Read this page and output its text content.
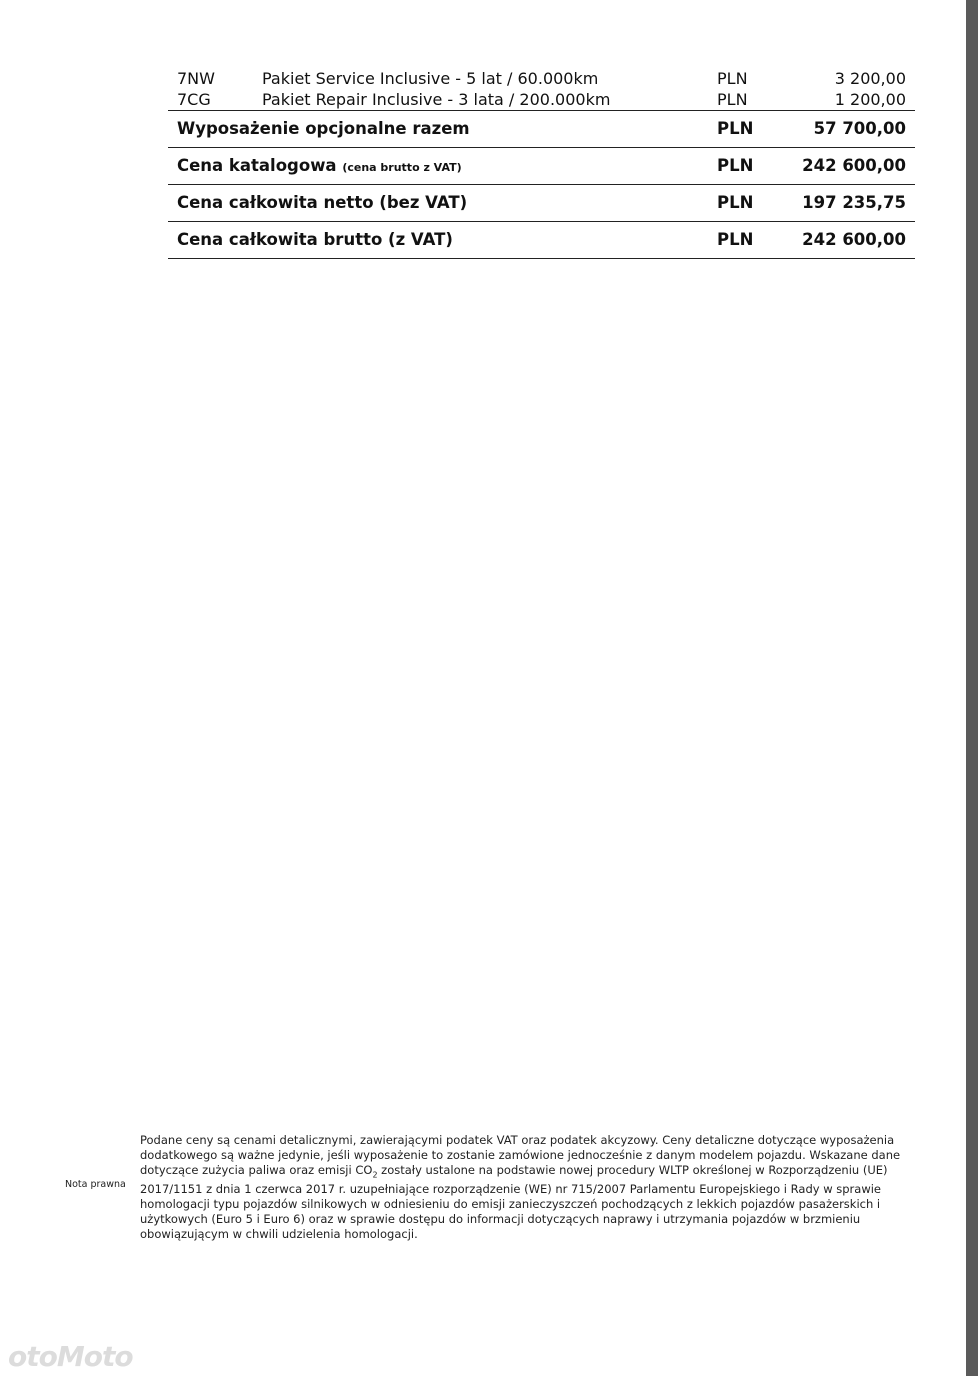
7NW	Pakiet Service Inclusive - 5 lat / 60.000km	PLN	3 200,00
7CG	Pakiet Repair Inclusive - 3 lata / 200.000km	PLN	1 200,00
Wyposażenie opcjonalne razem	PLN	57 700,00
Cena katalogowa (cena brutto z VAT)	PLN	242 600,00
Cena całkowita netto (bez VAT)	PLN	197 235,75
Cena całkowita brutto (z VAT)	PLN	242 600,00
Nota prawna

Podane ceny są cenami detalicznymi, zawierającymi podatek VAT oraz podatek akcyzowy. Ceny detaliczne dotyczące wyposażenia dodatkowego są ważne jedynie, jeśli wyposażenie to zostanie zamówione jednocześnie z danym modelem pojazdu. Wskazane dane dotyczące zużycia paliwa oraz emisji $CO_2$ zostały ustalone na podstawie nowej procedury WLTP określonej w Rozporządzeniu (UE) 2017/1151 z dnia 1 czerwca 2017 r. uzupełniające rozporządzenie (WE) nr 715/2007 Parlamentu Europejskiego i Rady w sprawie homologacji typu pojazdów silnikowych w odniesieniu do emisji zanieczyszczeń pochodzących z lekkich pojazdów pasażerskich i użytkowych (Euro 5 i Euro 6) oraz w sprawie dostępu do informacji dotyczących naprawy i utrzymania pojazdów w brzmieniu obowiązującym w chwili udzielenia homologacji.

otoMoto
